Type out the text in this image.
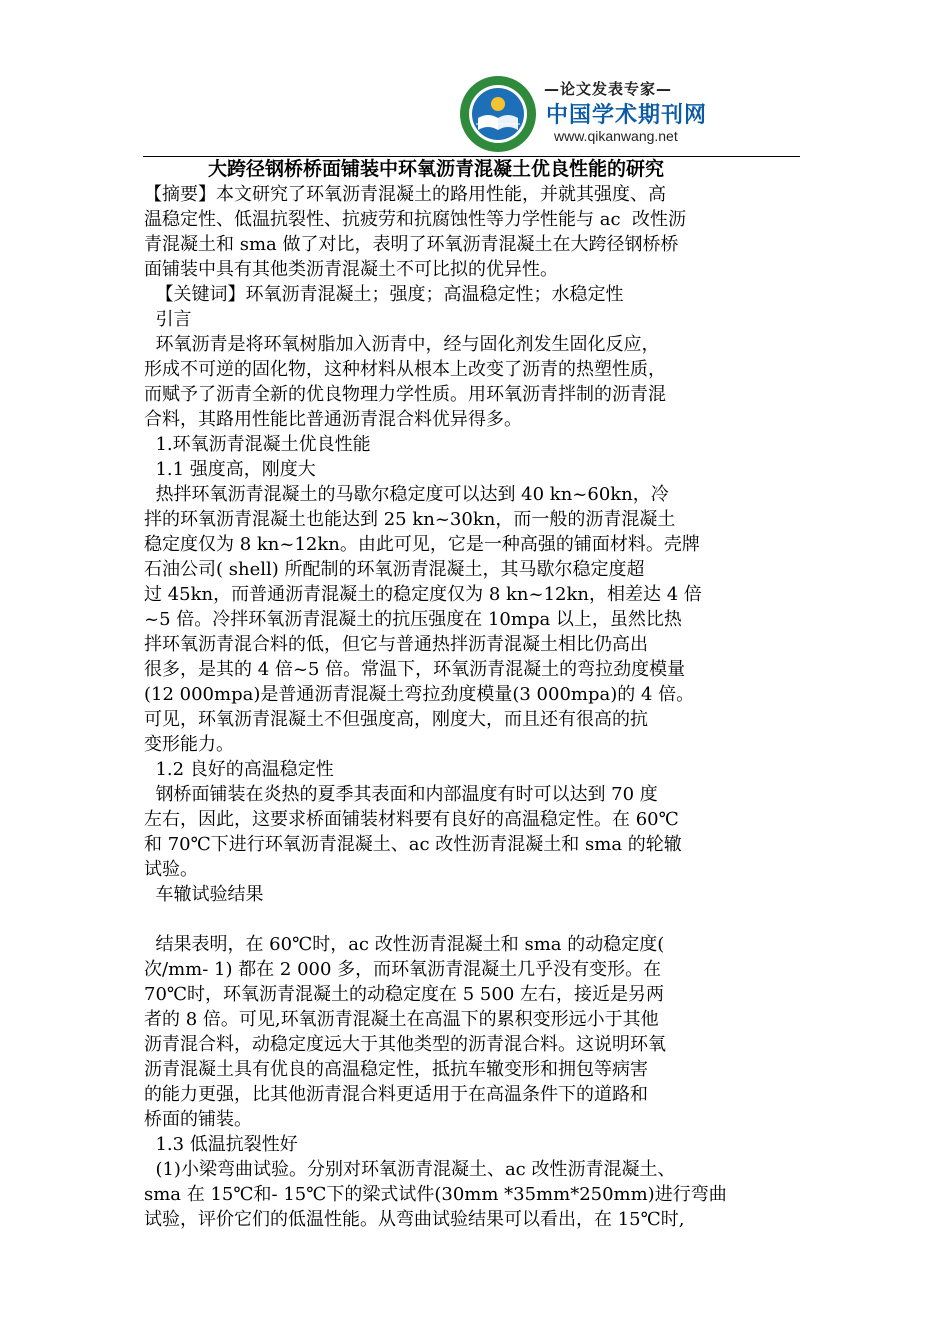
—论文发表专家—
中国学术期刊网
www.qikanwang.net
大跨径钢桥桥面铺装中环氧沥青混凝土优良性能的研究
【摘要】本文研究了环氧沥青混凝土的路用性能，并就其强度、高
温稳定性、低温抗裂性、抗疲劳和抗腐蚀性等力学性能与 ac  改性沥
青混凝土和 sma 做了对比，表明了环氧沥青混凝土在大跨径钢桥桥
面铺装中具有其他类沥青混凝土不可比拟的优异性。
【关键词】环氧沥青混凝土；强度；高温稳定性；水稳定性
引言
环氧沥青是将环氧树脂加入沥青中，经与固化剂发生固化反应，
形成不可逆的固化物，这种材料从根本上改变了沥青的热塑性质，
而赋予了沥青全新的优良物理力学性质。用环氧沥青拌制的沥青混
合料，其路用性能比普通沥青混合料优异得多。
1.环氧沥青混凝土优良性能
1.1 强度高，刚度大
热拌环氧沥青混凝土的马歇尔稳定度可以达到 40 kn~60kn，冷
拌的环氧沥青混凝土也能达到 25 kn~30kn，而一般的沥青混凝土
稳定度仅为 8 kn~12kn。由此可见，它是一种高强的铺面材料。壳牌
石油公司( shell) 所配制的环氧沥青混凝土，其马歇尔稳定度超
过 45kn，而普通沥青混凝土的稳定度仅为 8 kn~12kn，相差达 4 倍
~5 倍。冷拌环氧沥青混凝土的抗压强度在 10mpa 以上，虽然比热
拌环氧沥青混合料的低，但它与普通热拌沥青混凝土相比仍高出
很多，是其的 4 倍~5 倍。常温下，环氧沥青混凝土的弯拉劲度模量
(12 000mpa)是普通沥青混凝土弯拉劲度模量(3 000mpa)的 4 倍。
可见，环氧沥青混凝土不但强度高，刚度大，而且还有很高的抗
变形能力。
1.2 良好的高温稳定性
钢桥面铺装在炎热的夏季其表面和内部温度有时可以达到 70 度
左右，因此，这要求桥面铺装材料要有良好的高温稳定性。在 60℃
和 70℃下进行环氧沥青混凝土、ac 改性沥青混凝土和 sma 的轮辙
试验。
车辙试验结果
结果表明，在 60℃时，ac 改性沥青混凝土和 sma 的动稳定度(
次/mm- 1) 都在 2 000 多，而环氧沥青混凝土几乎没有变形。在
70℃时，环氧沥青混凝土的动稳定度在 5 500 左右，接近是另两
者的 8 倍。可见,环氧沥青混凝土在高温下的累积变形远小于其他
沥青混合料，动稳定度远大于其他类型的沥青混合料。这说明环氧
沥青混凝土具有优良的高温稳定性，抵抗车辙变形和拥包等病害
的能力更强，比其他沥青混合料更适用于在高温条件下的道路和
桥面的铺装。
1.3 低温抗裂性好
(1)小梁弯曲试验。分别对环氧沥青混凝土、ac 改性沥青混凝土、
sma 在 15℃和- 15℃下的梁式试件(30mm *35mm*250mm)进行弯曲
试验，评价它们的低温性能。从弯曲试验结果可以看出，在 15℃时,
